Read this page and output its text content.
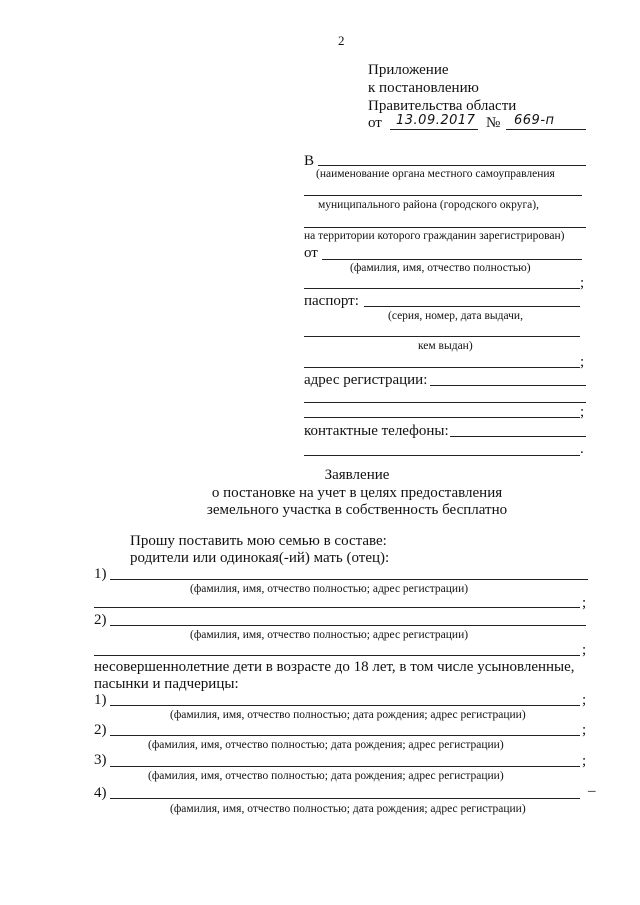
2
Приложение
к постановлению
Правительства области
от 13.09.2017 № 669-п
В
(наименование органа местного самоуправления
муниципального района (городского округа),
на территории которого гражданин зарегистрирован)
от
(фамилия, имя, отчество полностью)
;
паспорт:
(серия, номер, дата выдачи,
кем выдан)
;
адрес регистрации:
;
контактные телефоны:
.
Заявление
о постановке на учет в целях предоставления
земельного участка в собственность бесплатно
Прошу поставить мою семью в составе:
родители или одинокая(-ий) мать (отец):
1)
(фамилия, имя, отчество полностью; адрес регистрации)
;
2)
(фамилия, имя, отчество полностью; адрес регистрации)
;
несовершеннолетние дети в возрасте до 18 лет, в том числе усыновленные,
пасынки и падчерицы:
1)	;
(фамилия, имя, отчество полностью; дата рождения; адрес регистрации)
2)	;
(фамилия, имя, отчество полностью; дата рождения; адрес регистрации)
3)	;
(фамилия, имя, отчество полностью; дата рождения; адрес регистрации)
4)	–
(фамилия, имя, отчество полностью; дата рождения; адрес регистрации)
